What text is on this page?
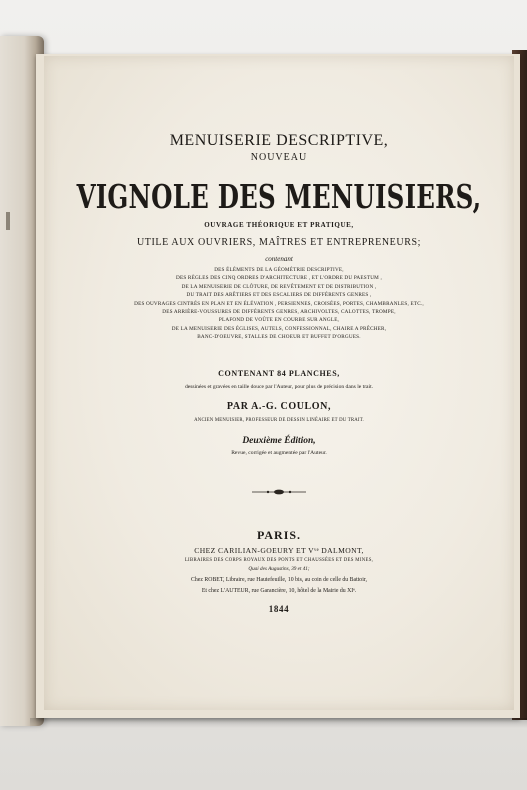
MENUISERIE DESCRIPTIVE,
NOUVEAU
VIGNOLE DES MENUISIERS,
OUVRAGE THÉORIQUE ET PRATIQUE,
UTILE AUX OUVRIERS, MAÎTRES ET ENTREPRENEURS;
contenant
DES ÉLÉMENTS DE LA GÉOMÉTRIE DESCRIPTIVE,
DES RÈGLES DES CINQ ORDRES D'ARCHITECTURE , ET L'ORDRE DU PAESTUM ,
DE LA MENUISERIE DE CLÔTURE, DE REVÊTEMENT ET DE DISTRIBUTION ,
DU TRAIT DES ARÊTIERS ET DES ESCALIERS DE DIFFÉRENTS GENRES ,
DES OUVRAGES CINTRÉS EN PLAN ET EN ÉLÉVATION , PERSIENNES, CROISÉES, PORTES, CHAMBRANLES, ETC.,
DES ARRIÈRE-VOUSSURES DE DIFFÉRENTS GENRES, ARCHIVOLTES, CALOTTES, TROMPE,
PLAFOND DE VOÛTE EN COURBE SUR ANGLE,
DE LA MENUISERIE DES ÉGLISES, AUTELS, CONFESSIONNAL, CHAIRE A PRÊCHER,
BANC-D'OEUVRE, STALLES DE CHOEUR ET BUFFET D'ORGUES.
CONTENANT 84 PLANCHES,
dessinées et gravées en taille douce par l'Auteur, pour plus de précision dans le trait.
PAR A.-G. COULON,
ANCIEN MENUISIER, PROFESSEUR DE DESSIN LINÉAIRE ET DU TRAIT.
Deuxième Édition,
Revue, corrigée et augmentée par l'Auteur.
PARIS.
CHEZ CARILIAN-GOEURY ET Vᵛᵉ DALMONT,
LIBRAIRES DES CORPS ROYAUX DES PONTS ET CHAUSSÉES ET DES MINES,
Quai des Augustins, 39 et 41;
Chez ROBET, Libraire, rue Hautefeuille, 10 bis, au coin de celle du Battoir,
Et chez L'AUTEUR, rue Garancière, 10, hôtel de la Mairie du XIᵉ.
1844
